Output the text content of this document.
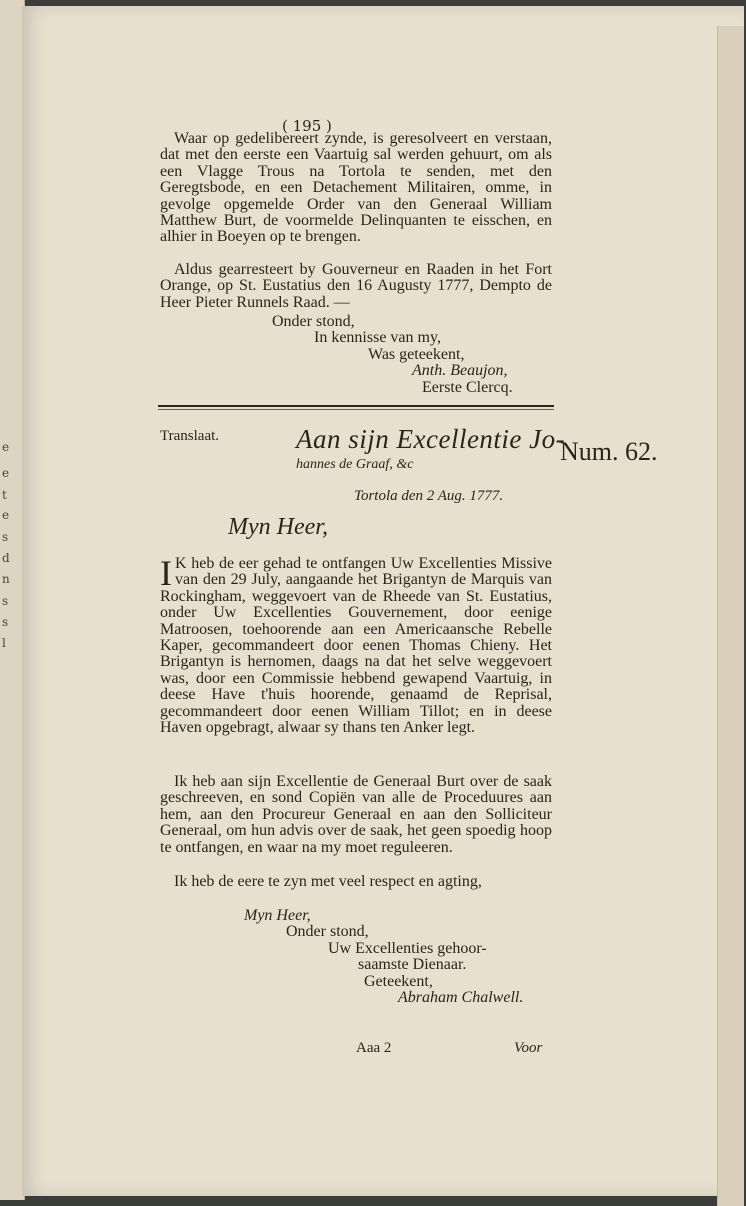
e
e
t
e
s
d
n
s
s
l
( 195 )
Waar op gedelibereert zynde, is geresolveert en verstaan, dat met den eerste een Vaartuig sal werden gehuurt, om als een Vlagge Trous na Tortola te senden, met den Geregtsbode, en een Detachement Militairen, omme, in gevolge opgemelde Order van den Generaal William Matthew Burt, de voormelde Delinquanten te eisschen, en alhier in Boeyen op te brengen.
Aldus gearresteert by Gouverneur en Raaden in het Fort Orange, op St. Eustatius den 16 Augusty 1777, Dempto de Heer Pieter Runnels Raad. —
Onder stond,
In kennisse van my,
Was geteekent,
Anth. Beaujon,
Eerste Clercq.
Translaat.	Aan sijn Excellentie Jo-
hannes de Graaf, &c	Num. 62.
Tortola den 2 Aug. 1777.
Myn Heer,
I K heb de eer gehad te ontfangen Uw Excellenties Missive van den 29 July, aangaande het Brigantyn de Marquis van Rockingham, weggevoert van de Rheede van St. Eustatius, onder Uw Excellenties Gouvernement, door eenige Matroosen, toehoorende aan een Americaansche Rebelle Kaper, gecommandeert door eenen Thomas Chieny. Het Brigantyn is hernomen, daags na dat het selve weggevoert was, door een Commissie hebbend gewapend Vaartuig, in deese Have t'huis hoorende, genaamd de Reprisal, gecommandeert door eenen William Tillot; en in deese Haven opgebragt, alwaar sy thans ten Anker legt.
Ik heb aan sijn Excellentie de Generaal Burt over de saak geschreeven, en sond Copiën van alle de Proceduures aan hem, aan den Procureur Generaal en aan den Solliciteur Generaal, om hun advis over de saak, het geen spoedig hoop te ontfangen, en waar na my moet reguleeren.
Ik heb de eere te zyn met veel respect en agting,
Myn Heer,
Onder stond,
Uw Excellenties gehoor-
saamste Dienaar.
Geteekent,
Abraham Chalwell.
Aaa 2	Voor
